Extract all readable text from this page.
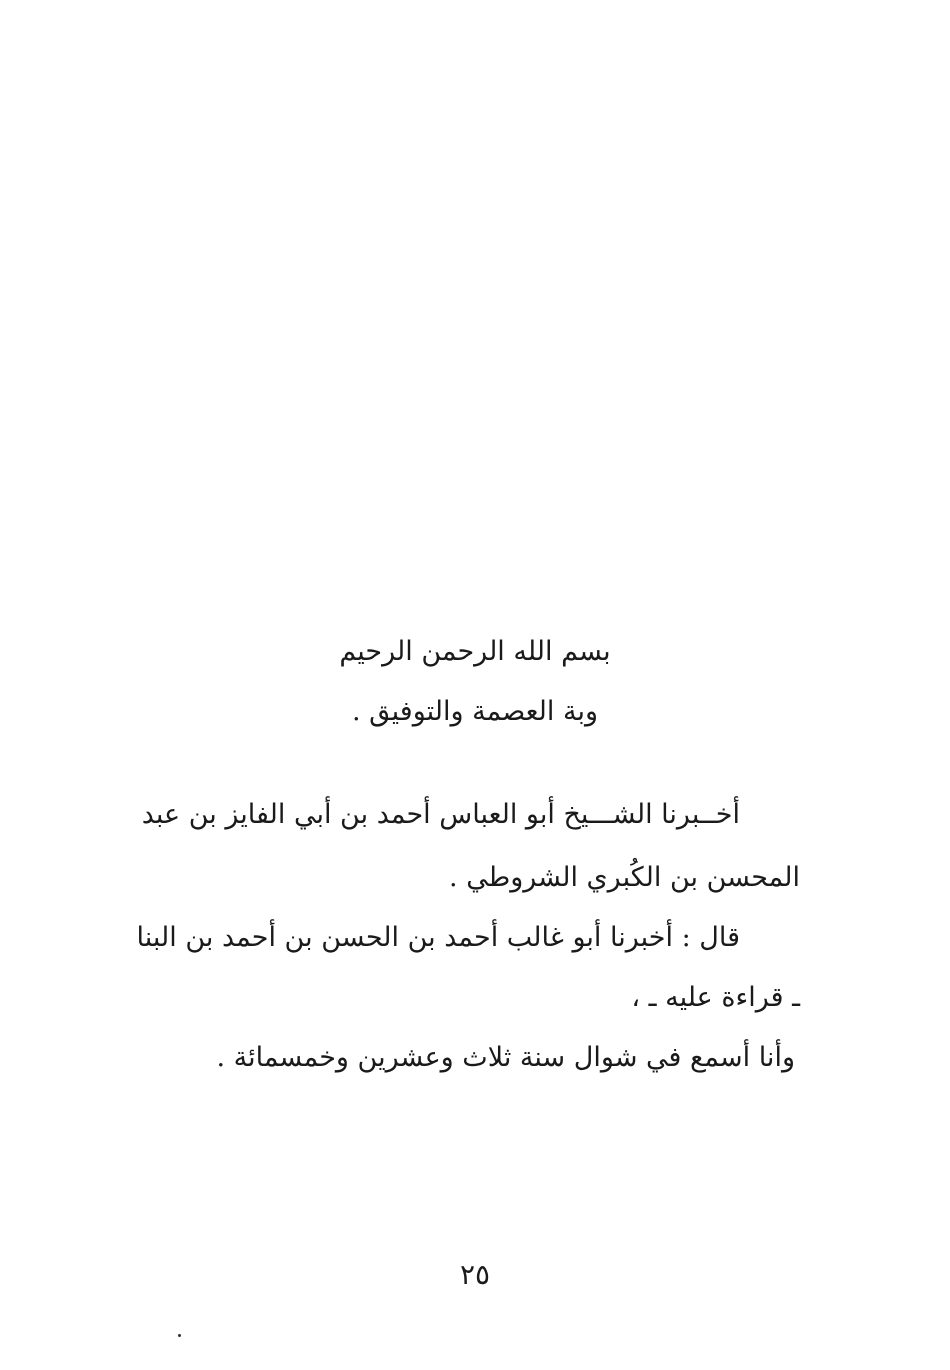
بسم الله الرحمن الرحيم
وبة العصمة والتوفيق .
أخــبرنا الشـــيخ أبو العباس أحمد بن أبي الفايز بن عبد
المحسن بن الكُبري الشروطي .
قال : أخبرنا أبو غالب أحمد بن الحسن بن أحمد بن البنا
ـ قراءة عليه ـ ،
وأنا أسمع في شوال سنة ثلاث وعشرين وخمسمائة .
٢٥
